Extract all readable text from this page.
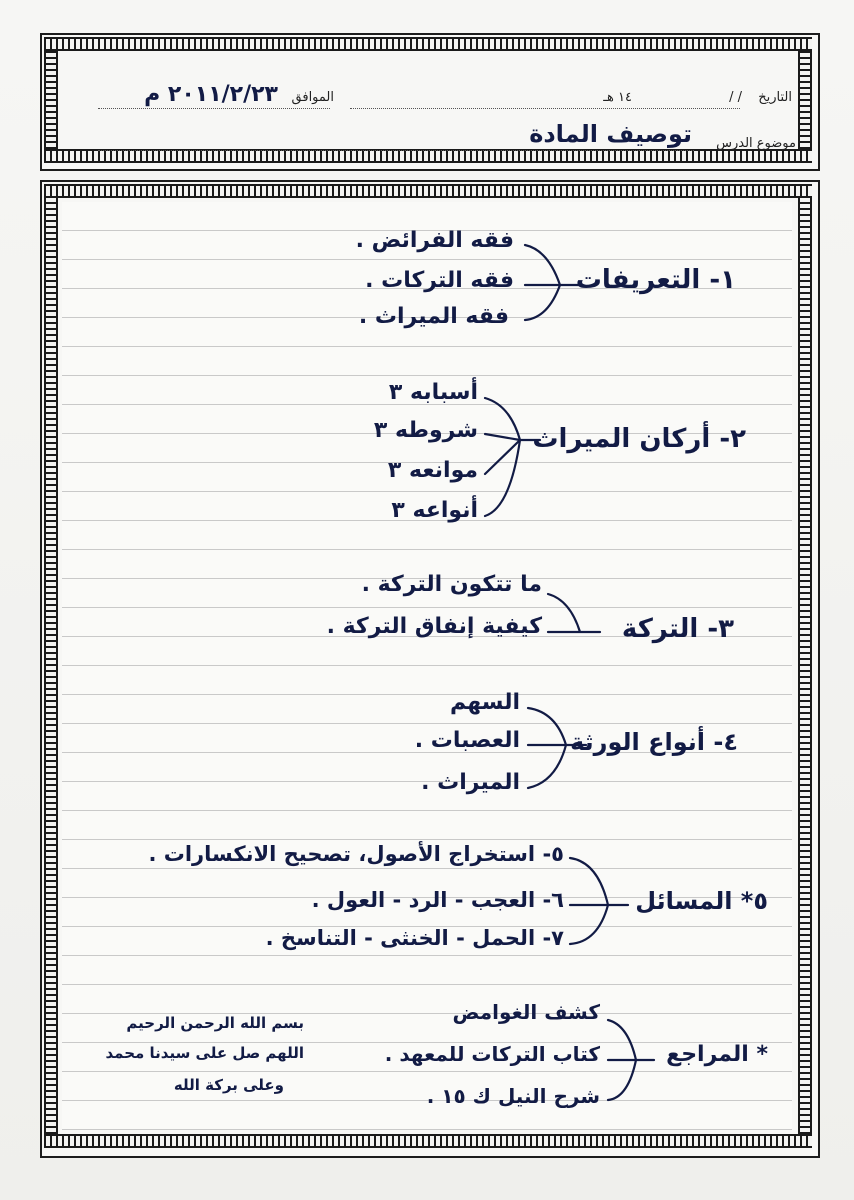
التاريخ
/ /
١٤ هـ
الموافق
٢٠١١/٢/٢٣ م
موضوع الدرس
توصيف المادة
١- التعريفات
فقه الفرائض .
فقه التركات .
فقه الميراث .
٢- أركان الميراث
أسبابه ٣
شروطه ٣
موانعه ٣
أنواعه ٣
٣- التركة
ما تتكون التركة .
كيفية إنفاق التركة .
٤- أنواع الورثة
السهم
العصبات .
الميراث .
٥* المسائل
٥- استخراج الأصول، تصحيح الانكسارات .
٦- العجب - الرد - العول .
٧- الحمل - الخنثى - التناسخ .
* المراجع
كشف الغوامض
كتاب التركات للمعهد .
شرح النيل ك ١٥ .
بسم الله الرحمن الرحيم
اللهم صل على سيدنا محمد
وعلى بركة الله
